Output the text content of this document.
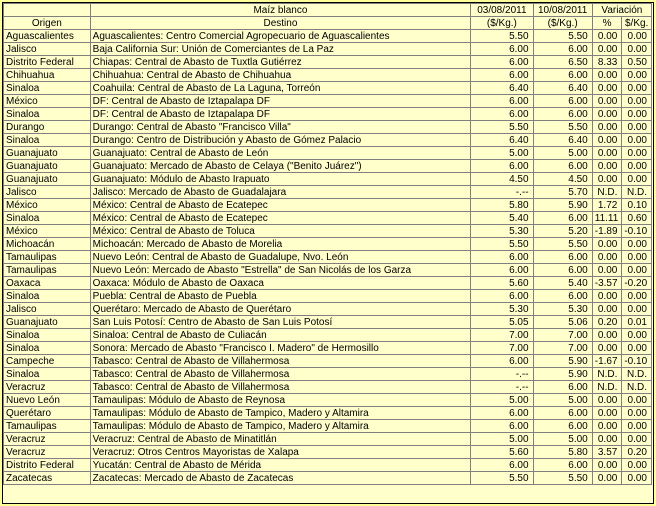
	Maíz blanco	03/08/2011	10/08/2011	Variación	
Origen	Destino				
		($/Kg.)	($/Kg.)	%	$/Kg.
Aguascalientes	Aguascalientes: Centro Comercial Agropecuario de Aguascalientes	5.50	5.50	0.00	0.00
Jalisco	Baja California Sur: Unión de Comerciantes de La Paz	6.00	6.00	0.00	0.00
Distrito Federal	Chiapas: Central de Abasto de Tuxtla Gutiérrez	6.00	6.50	8.33	0.50
Chihuahua	Chihuahua: Central de Abasto de Chihuahua	6.00	6.00	0.00	0.00
Sinaloa	Coahuila: Central de Abasto de La Laguna, Torreón	6.40	6.40	0.00	0.00
México	DF: Central de Abasto de Iztapalapa DF	6.00	6.00	0.00	0.00
Sinaloa	DF: Central de Abasto de Iztapalapa DF	6.00	6.00	0.00	0.00
Durango	Durango: Central de Abasto "Francisco Villa"	5.50	5.50	0.00	0.00
Sinaloa	Durango: Centro de Distribución y Abasto de Gómez Palacio	6.40	6.40	0.00	0.00
Guanajuato	Guanajuato: Central de Abasto de León	5.00	5.00	0.00	0.00
Guanajuato	Guanajuato: Mercado de Abasto de Celaya ("Benito Juárez")	6.00	6.00	0.00	0.00
Guanajuato	Guanajuato: Módulo de Abasto Irapuato	4.50	4.50	0.00	0.00
Jalisco	Jalisco: Mercado de Abasto de Guadalajara	-.--	5.70	N.D.	N.D.
México	México: Central de Abasto de Ecatepec	5.80	5.90	1.72	0.10
Sinaloa	México: Central de Abasto de Ecatepec	5.40	6.00	11.11	0.60
México	México: Central de Abasto de Toluca	5.30	5.20	-1.89	-0.10
Michoacán	Michoacán: Mercado de Abasto de Morelia	5.50	5.50	0.00	0.00
Tamaulipas	Nuevo León: Central de Abasto de Guadalupe, Nvo. León	6.00	6.00	0.00	0.00
Tamaulipas	Nuevo León: Mercado de Abasto "Estrella" de San Nicolás de los Garza	6.00	6.00	0.00	0.00
Oaxaca	Oaxaca: Módulo de Abasto de Oaxaca	5.60	5.40	-3.57	-0.20
Sinaloa	Puebla: Central de Abasto de Puebla	6.00	6.00	0.00	0.00
Jalisco	Querétaro: Mercado de Abasto de Querétaro	5.30	5.30	0.00	0.00
Guanajuato	San Luis Potosí: Centro de Abasto de San Luis Potosí	5.05	5.06	0.20	0.01
Sinaloa	Sinaloa: Central de Abasto de Culiacán	7.00	7.00	0.00	0.00
Sinaloa	Sonora: Mercado de Abasto "Francisco I. Madero" de Hermosillo	7.00	7.00	0.00	0.00
Campeche	Tabasco: Central de Abasto de Villahermosa	6.00	5.90	-1.67	-0.10
Sinaloa	Tabasco: Central de Abasto de Villahermosa	-.--	5.90	N.D.	N.D.
Veracruz	Tabasco: Central de Abasto de Villahermosa	-.--	6.00	N.D.	N.D.
Nuevo León	Tamaulipas: Módulo de Abasto de Reynosa	5.00	5.00	0.00	0.00
Querétaro	Tamaulipas: Módulo de Abasto de Tampico, Madero y Altamira	6.00	6.00	0.00	0.00
Tamaulipas	Tamaulipas: Módulo de Abasto de Tampico, Madero y Altamira	6.00	6.00	0.00	0.00
Veracruz	Veracruz: Central de Abasto de Minatitlán	5.00	5.00	0.00	0.00
Veracruz	Veracruz: Otros Centros Mayoristas de Xalapa	5.60	5.80	3.57	0.20
Distrito Federal	Yucatán: Central de Abasto de Mérida	6.00	6.00	0.00	0.00
Zacatecas	Zacatecas: Mercado de Abasto de Zacatecas	5.50	5.50	0.00	0.00
